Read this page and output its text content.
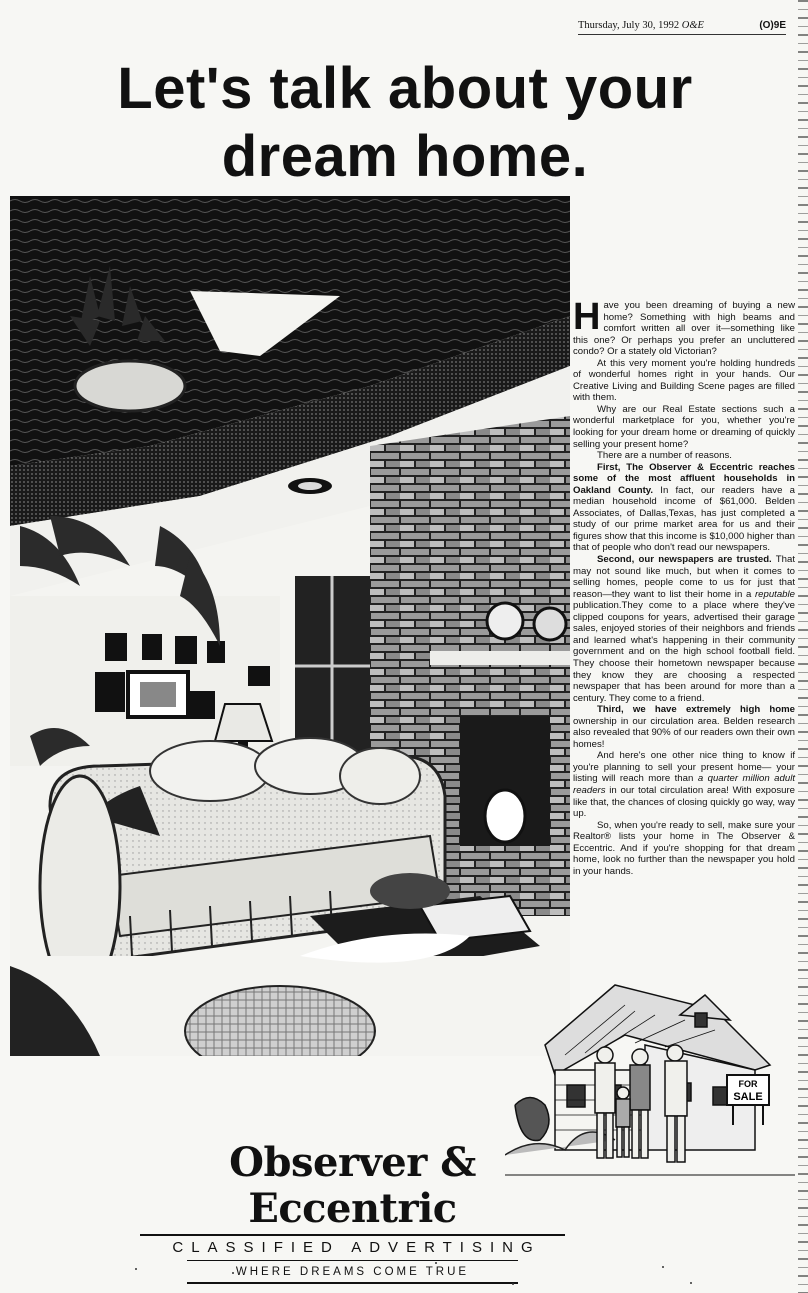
Thursday, July 30, 1992 O&E	(O)9E
Let's talk about your
dream home.

Have you been dreaming of buying a new home? Something with high beams and comfort written all over it—something like this one? Or perhaps you prefer an uncluttered condo? Or a stately old Victorian?

At this very moment you're holding hundreds of wonderful homes right in your hands. Our Creative Living and Building Scene pages are filled with them.

Why are our Real Estate sections such a wonderful marketplace for you, whether you're looking for your dream home or dreaming of quickly selling your present home?

There are a number of reasons.

First, The Observer & Eccentric reaches some of the most affluent households in Oakland County. In fact, our readers have a median household income of $61,000. Belden Associates, of Dallas,Texas, has just completed a study of our prime market area for us and their figures show that this income is $10,000 higher than that of people who don't read our newspapers.

Second, our newspapers are trusted. That may not sound like much, but when it comes to selling homes, people come to us for just that reason—they want to list their home in a reputable publication.They come to a place where they've clipped coupons for years, advertised their garage sales, enjoyed stories of their neighbors and friends and learned what's happening in their community government and on the high school football field. They choose their hometown newspaper because they know they are choosing a respected newspaper that has been around for more than a century. They come to a friend.

Third, we have extremely high home ownership in our circulation area. Belden research also revealed that 90% of our readers own their own homes!

And here's one other nice thing to know if you're planning to sell your present home— your listing will reach more than a quarter million adult readers in our total circulation area! With exposure like that, the chances of closing quickly go way, way up.

So, when you're ready to sell, make sure your Realtor® lists your home in The Observer & Eccentric. And if you're shopping for that dream home, look no further than the newspaper you hold in your hands.

FOR
SALE
Observer & Eccentric
CLASSIFIED ADVERTISING
WHERE DREAMS COME TRUE
